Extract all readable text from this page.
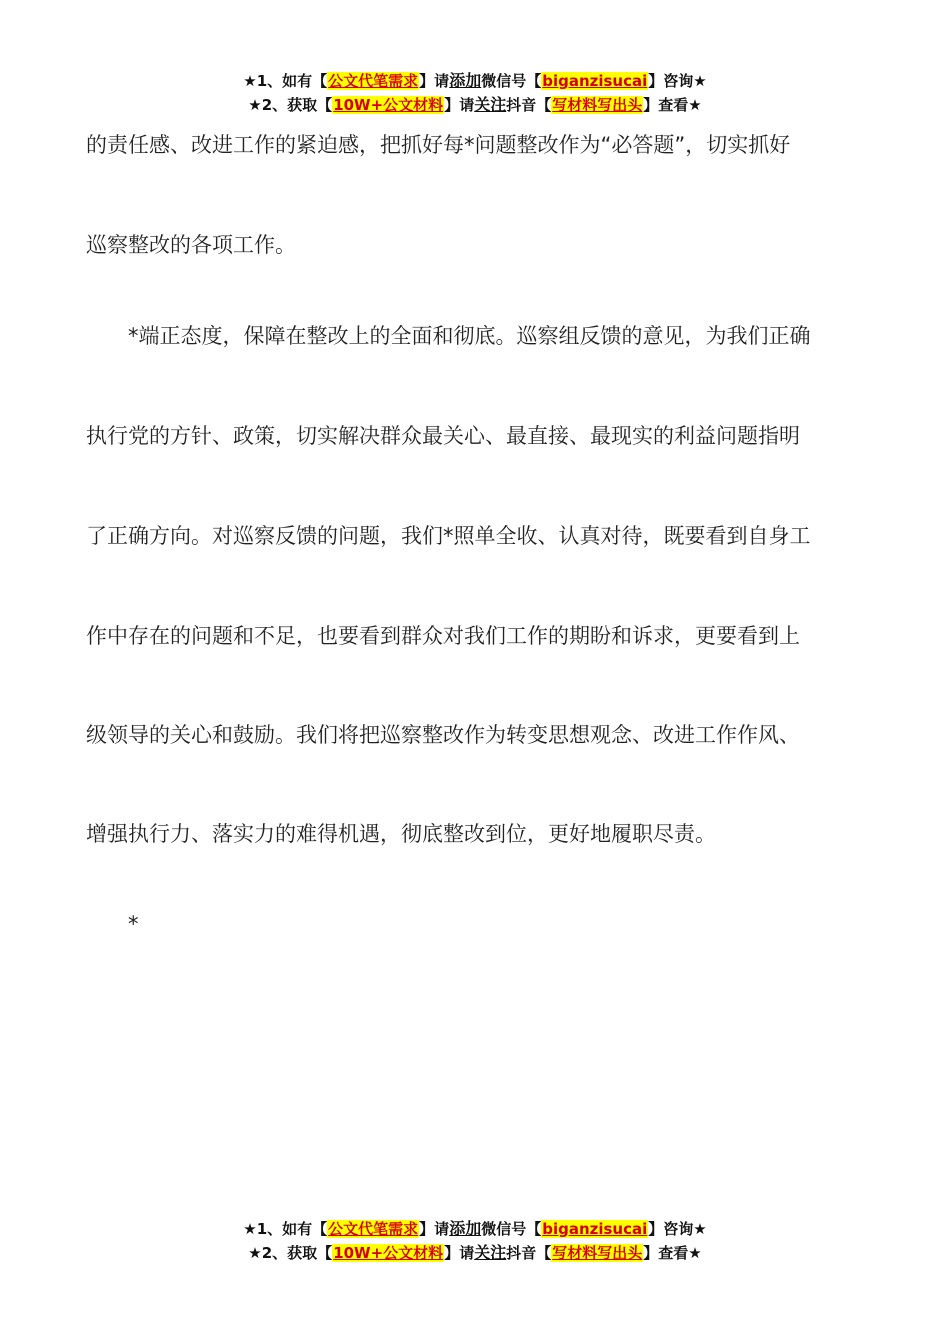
★1、如有【公文代笔需求】请添加微信号【biganzisucai】咨询★
★2、获取【10W+公文材料】请关注抖音【写材料写出头】查看★
的责任感、改进工作的紧迫感，把抓好每*问题整改作为“必答题”，切实抓好
巡察整改的各项工作。
　　*端正态度，保障在整改上的全面和彻底。巡察组反馈的意见，为我们正确
执行党的方针、政策，切实解决群众最关心、最直接、最现实的利益问题指明
了正确方向。对巡察反馈的问题，我们*照单全收、认真对待，既要看到自身工
作中存在的问题和不足，也要看到群众对我们工作的期盼和诉求，更要看到上
级领导的关心和鼓励。我们将把巡察整改作为转变思想观念、改进工作作风、
增强执行力、落实力的难得机遇，彻底整改到位，更好地履职尽责。
　　*
★1、如有【公文代笔需求】请添加微信号【biganzisucai】咨询★
★2、获取【10W+公文材料】请关注抖音【写材料写出头】查看★
